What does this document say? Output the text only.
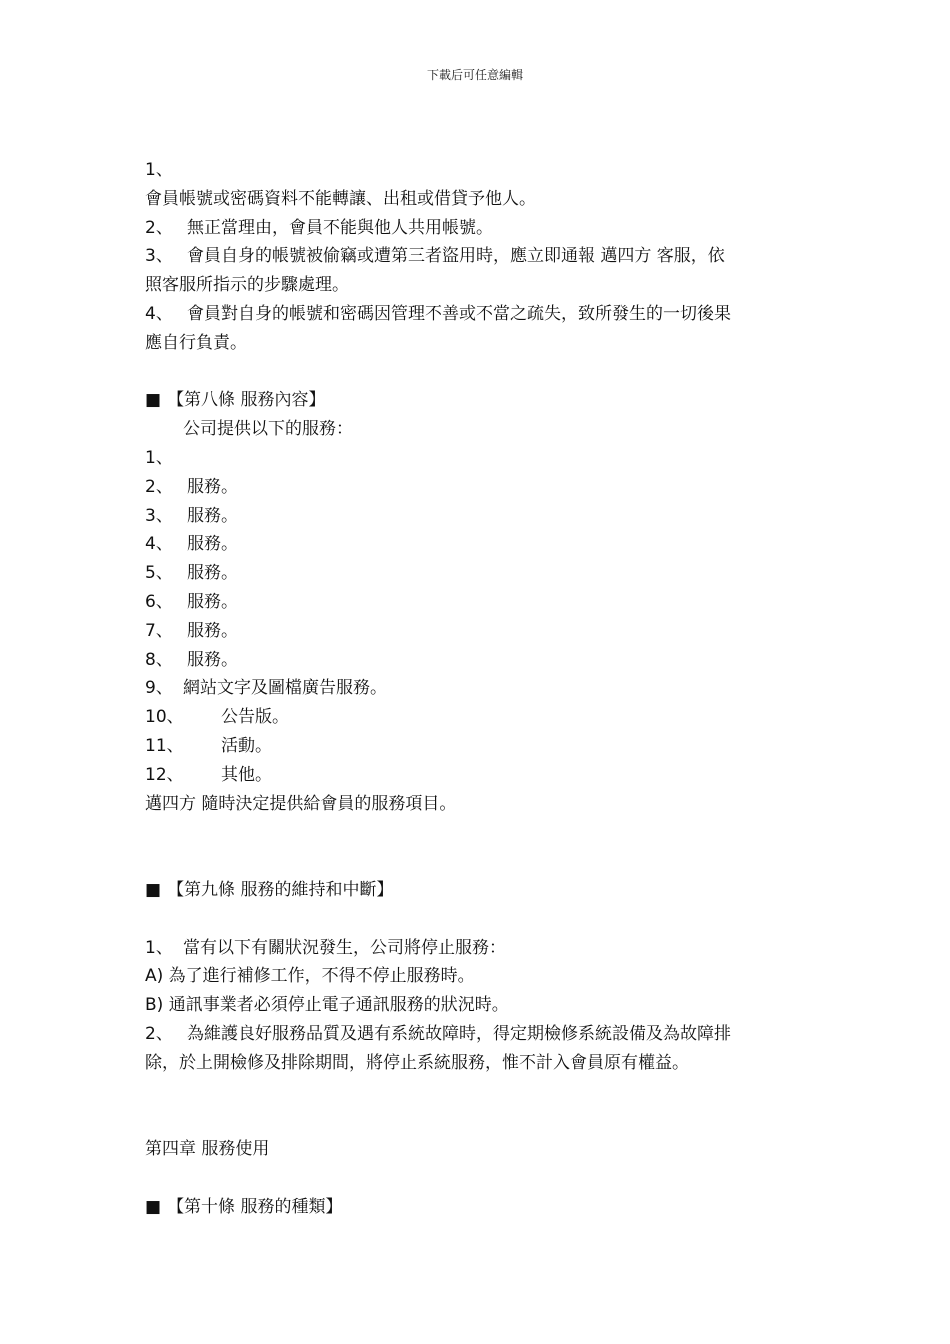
下載后可任意編輯

1、

會員帳號或密碼資料不能轉讓、出租或借貸予他人。

2、 無正當理由，會員不能與他人共用帳號。

3、 會員自身的帳號被偷竊或遭第三者盜用時，應立即通報 邁四方 客服，依

照客服所指示的步驟處理。

4、 會員對自身的帳號和密碼因管理不善或不當之疏失，致所發生的一切後果

應自行負責。

■ 【第八條 服務內容】

公司提供以下的服務：

1、

2、 服務。

3、 服務。

4、 服務。

5、 服務。

6、 服務。

7、 服務。

8、 服務。

9、 網站文字及圖檔廣告服務。

10、 公告版。

11、 活動。

12、 其他。

邁四方 隨時決定提供給會員的服務項目。

■ 【第九條 服務的維持和中斷】

1、 當有以下有關狀況發生，公司將停止服務：

A) 為了進行補修工作，不得不停止服務時。

B) 通訊事業者必須停止電子通訊服務的狀況時。

2、 為維護良好服務品質及遇有系統故障時，得定期檢修系統設備及為故障排

除，於上開檢修及排除期間，將停止系統服務，惟不計入會員原有權益。

第四章 服務使用

■ 【第十條 服務的種類】
